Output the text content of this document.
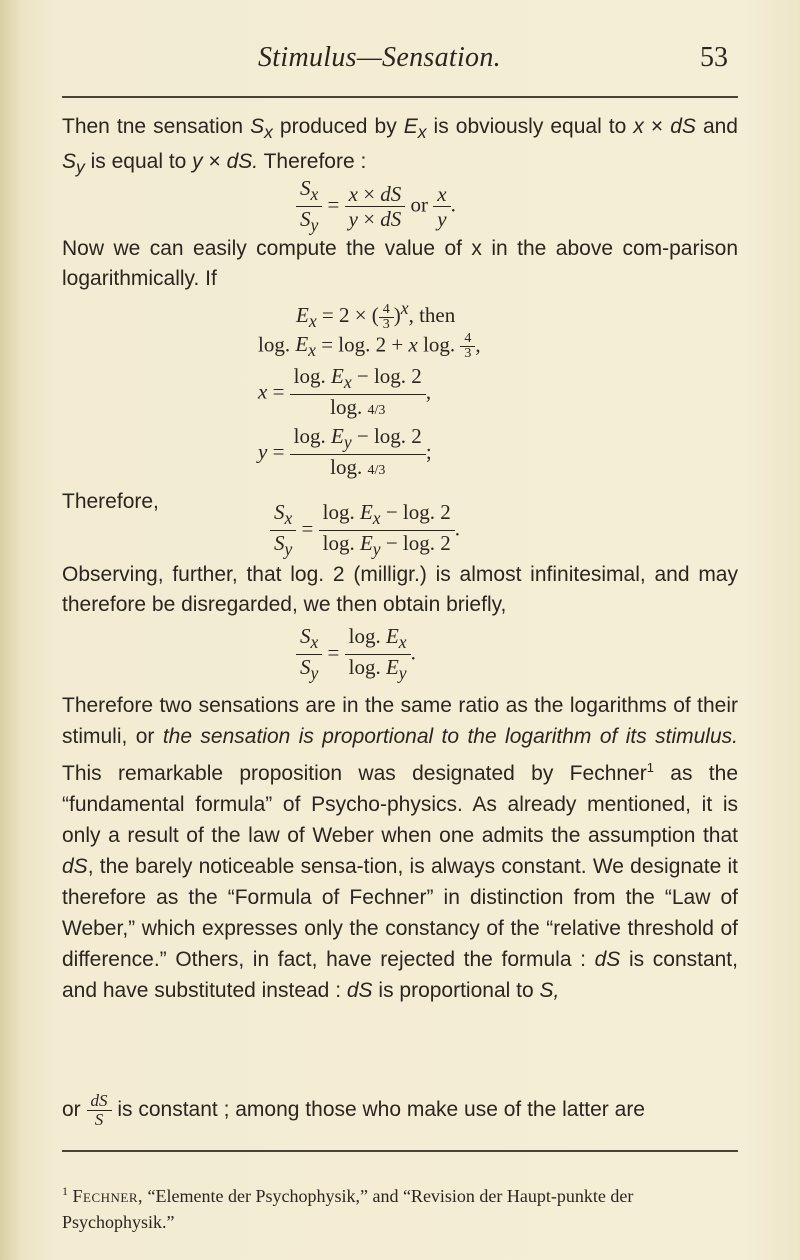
Stimulus—Sensation.	53

Then tne sensation $S_x$ produced by $E_x$ is obviously equal to x × dS and $S_y$ is equal to y × dS. Therefore :

$\frac{S_x}{S_y} = \frac{x \times dS}{y \times dS}$ or $\frac{x}{y}$ .

Now we can easily compute the value of x in the above com-parison logarithmically. If

$E_x = 2$ × ( $\frac{4}{3} )^x$, then
log. $E_x = \log$. 2 + x log. $\frac{4}{3}$ ,
$x = \frac{\log. E_x - \log. 2}{\log. 4/3}$ ,
$y = \frac{\log. E_y - \log. 2}{\log. 4/3}$ ;
Therefore,	$\frac{S_x}{S_y} = \frac{\log. E_x - \log. 2}{\log. E_y - \log. 2}$ .

Observing, further, that log. 2 (milligr.) is almost infinitesimal, and may therefore be disregarded, we then obtain briefly,

$\frac{S_x}{S_y} = \frac{\log. E_x}{\log. E_y}$ .

Therefore two sensations are in the same ratio as the logarithms of their stimuli, or the sensation is proportional to the logarithm of its stimulus. This remarkable proposition was designated by Fechner$^1$ as the “fundamental formula” of Psycho-physics. As already mentioned, it is only a result of the law of Weber when one admits the assumption that dS, the barely noticeable sensa-tion, is always constant. We designate it therefore as the “Formula of Fechner” in distinction from the “Law of Weber,” which expresses only the constancy of the “relative threshold of difference.” Others, in fact, have rejected the formula : dS is constant, and have substituted instead : dS is proportional to S,

or $\frac{dS}{S}$ is constant ; among those who make use of the latter are
$^1$ Fechner, “Elemente der Psychophysik,” and “Revision der Haupt-punkte der Psychophysik.”
